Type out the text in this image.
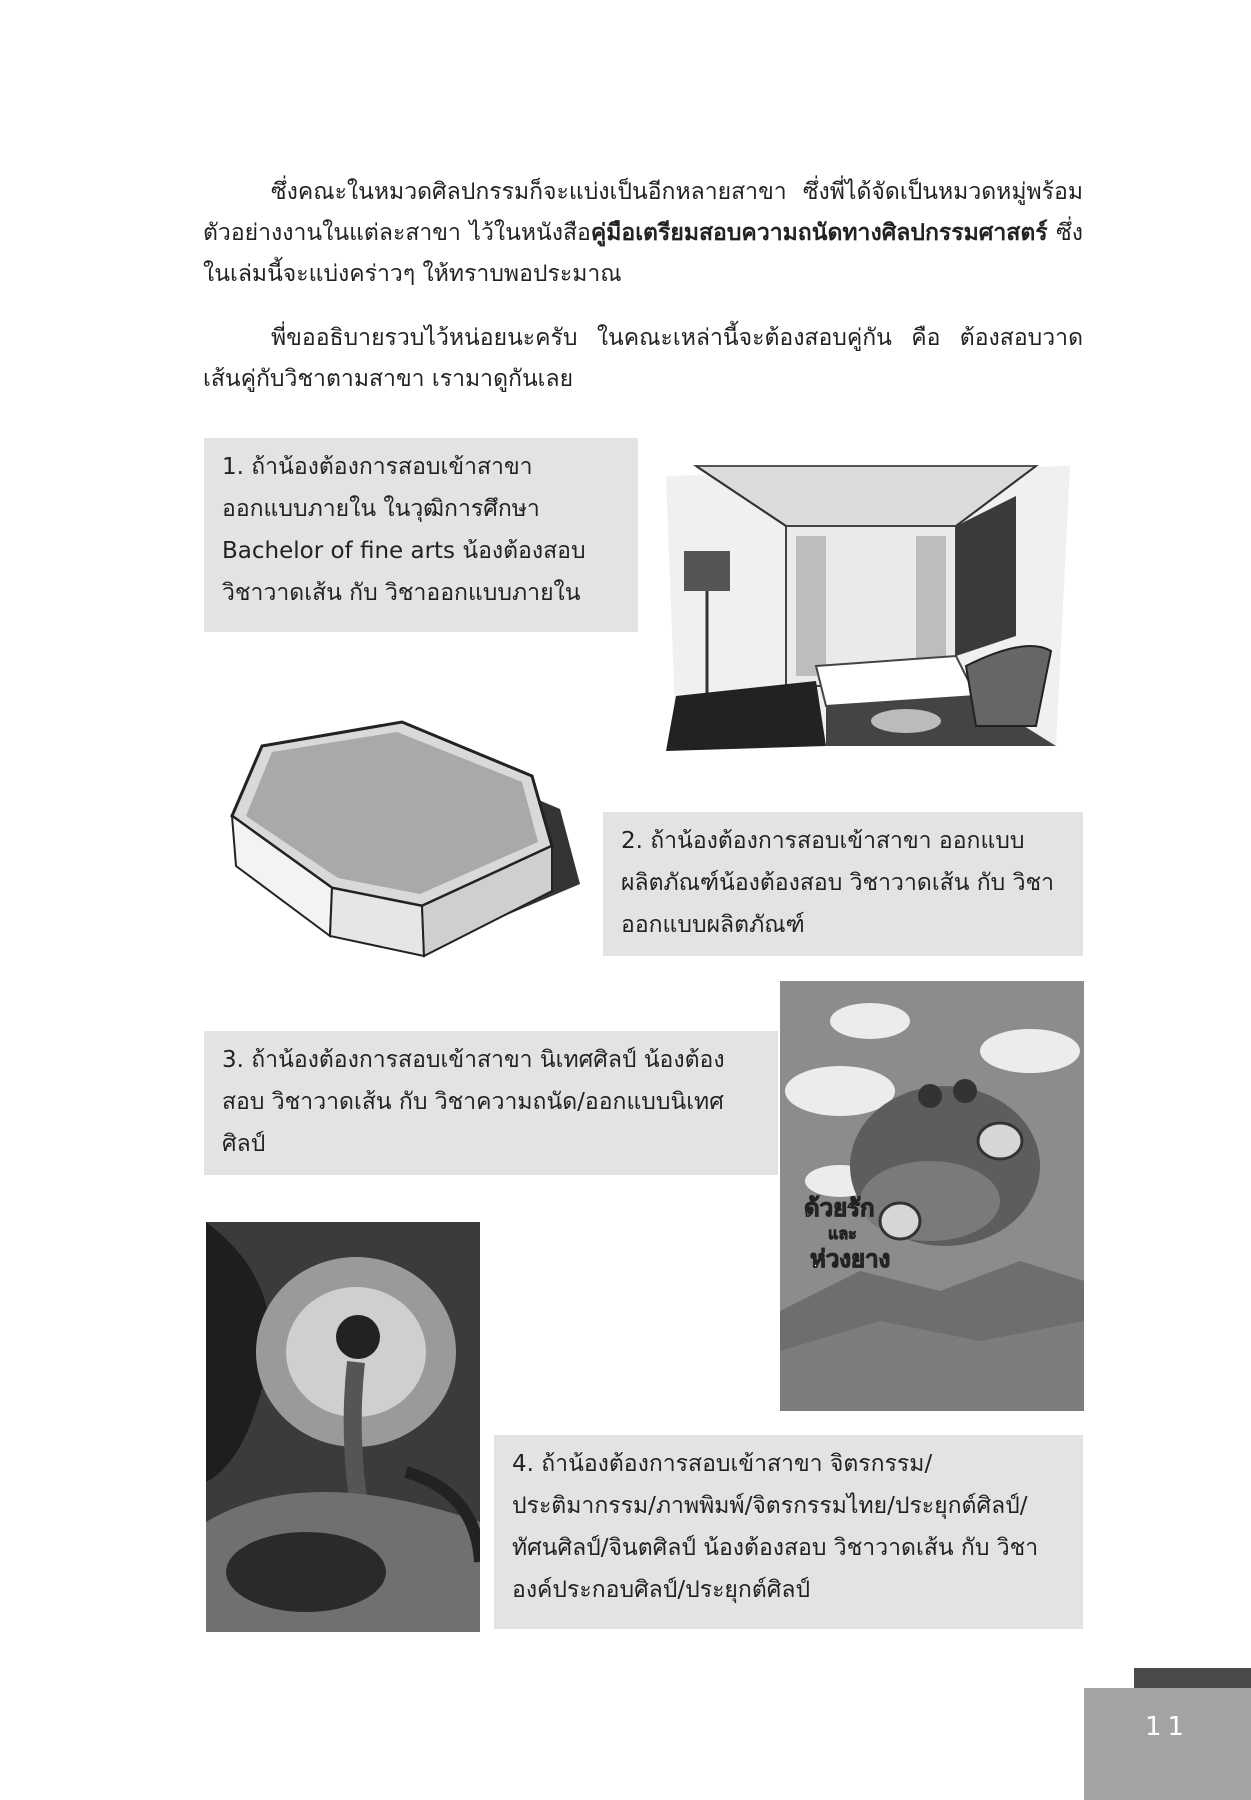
ซึ่งคณะในหมวดศิลปกรรมก็จะแบ่งเป็นอีกหลายสาขา ซึ่งพี่ได้จัดเป็นหมวดหมู่พร้อมตัวอย่างงานในแต่ละสาขา ไว้ในหนังสือคู่มือเตรียมสอบความถนัดทางศิลปกรรมศาสตร์ ซึ่งในเล่มนี้จะแบ่งคร่าวๆ ให้ทราบพอประมาณ

พี่ขออธิบายรวบไว้หน่อยนะครับ ในคณะเหล่านี้จะต้องสอบคู่กัน คือ ต้องสอบวาดเส้นคู่กับวิชาตามสาขา เรามาดูกันเลย

1. ถ้าน้องต้องการสอบเข้าสาขา ออกแบบภายใน ในวุฒิการศึกษา Bachelor of fine arts น้องต้องสอบ วิชาวาดเส้น กับ วิชาออกแบบภายใน
2. ถ้าน้องต้องการสอบเข้าสาขา ออกแบบผลิตภัณฑ์น้องต้องสอบ วิชาวาดเส้น กับ วิชาออกแบบผลิตภัณฑ์
3. ถ้าน้องต้องการสอบเข้าสาขา นิเทศศิลป์ น้องต้องสอบ วิชาวาดเส้น กับ วิชาความถนัด/ออกแบบนิเทศศิลป์
ด้วยรัก
และ
ห่วงยาง
4. ถ้าน้องต้องการสอบเข้าสาขา จิตรกรรม/ประติมากรรม/ภาพพิมพ์/จิตรกรรมไทย/ประยุกต์ศิลป์/ทัศนศิลป์/จินตศิลป์ น้องต้องสอบ วิชาวาดเส้น กับ วิชาองค์ประกอบศิลป์/ประยุกต์ศิลป์
11
